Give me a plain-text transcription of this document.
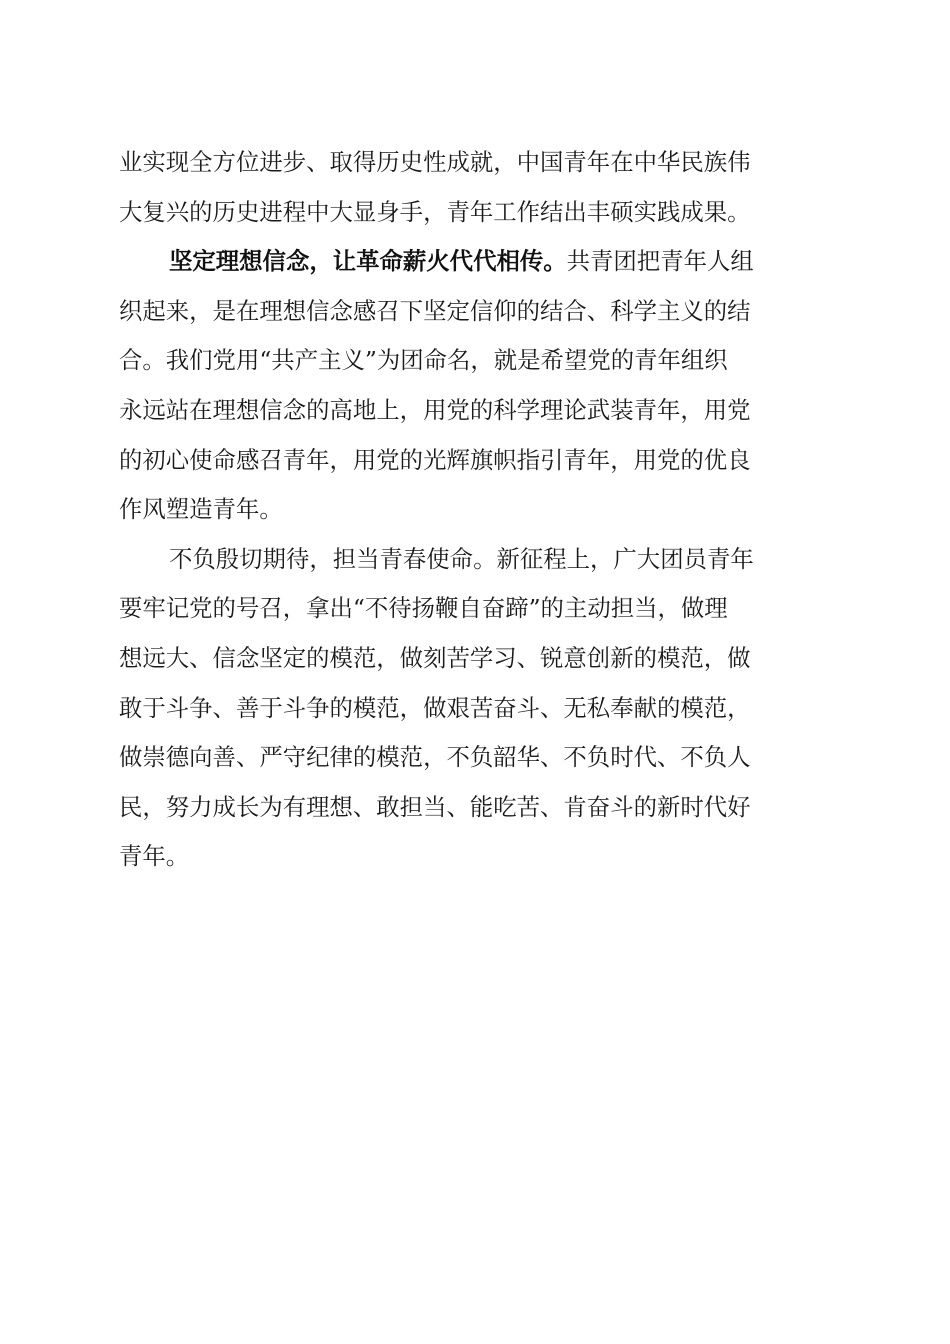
业实现全方位进步、取得历史性成就，中国青年在中华民族伟
大复兴的历史进程中大显身手，青年工作结出丰硕实践成果。
坚定理想信念，让革命薪火代代相传。共青团把青年人组
织起来，是在理想信念感召下坚定信仰的结合、科学主义的结
合。我们党用“共产主义”为团命名，就是希望党的青年组织
永远站在理想信念的高地上，用党的科学理论武装青年，用党
的初心使命感召青年，用党的光辉旗帜指引青年，用党的优良
作风塑造青年。
不负殷切期待，担当青春使命。新征程上，广大团员青年
要牢记党的号召，拿出“不待扬鞭自奋蹄”的主动担当，做理
想远大、信念坚定的模范，做刻苦学习、锐意创新的模范，做
敢于斗争、善于斗争的模范，做艰苦奋斗、无私奉献的模范，
做崇德向善、严守纪律的模范，不负韶华、不负时代、不负人
民，努力成长为有理想、敢担当、能吃苦、肯奋斗的新时代好
青年。
